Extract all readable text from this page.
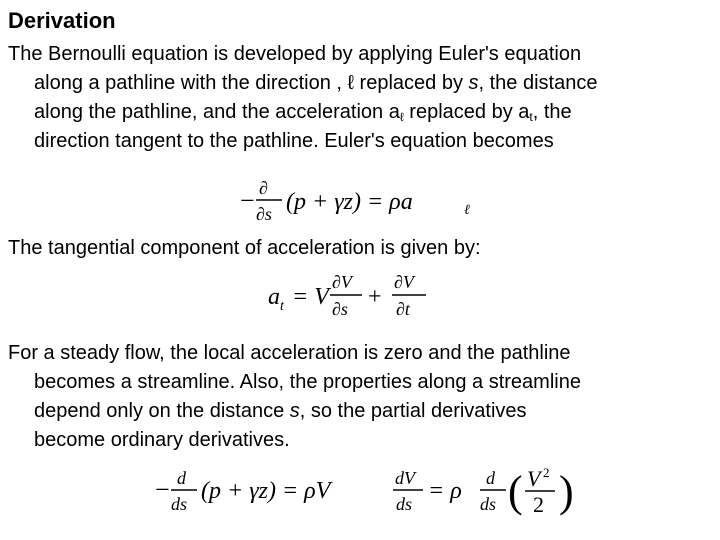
Derivation
The Bernoulli equation is developed by applying Euler's equation
along a pathline with the direction , ℓ replaced by s, the distance
along the pathline, and the acceleration $a_\ell$ replaced by $a_t$, the
direction tangent to the pathline. Euler's equation becomes
− ∂
∂s (p + γz) = ρa	ℓ
The tangential component of acceleration is given by:
a t = V
∂V
∂s +
∂V
∂t
For a steady flow, the local acceleration is zero and the pathline
becomes a streamline. Also, the properties along a streamline
depend only on the distance s, so the partial derivatives
become ordinary derivatives.
− d
ds (p + γz) = ρV	dV
ds = ρ d
ds ( V 2
2 )
